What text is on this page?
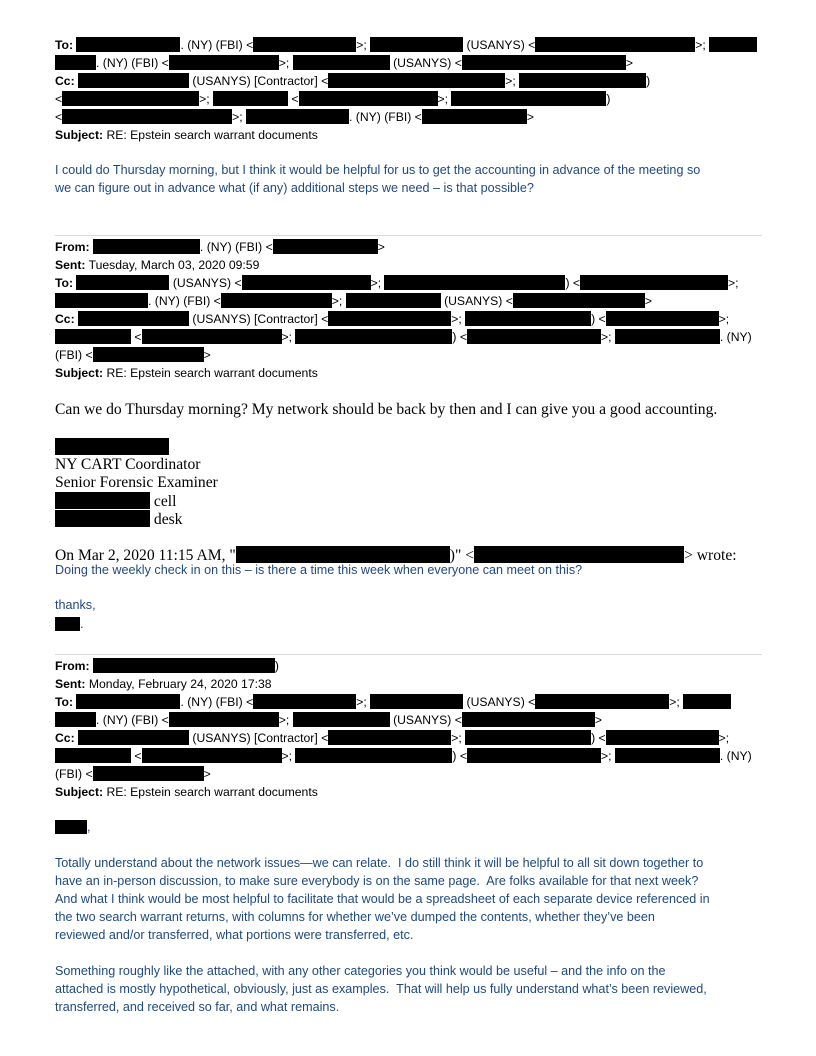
To:	. (NY) (FBI) <	>;	(USANYS) <	>;
. (NY) (FBI) <	>;	(USANYS) <	>
Cc:	(USANYS) [Contractor] <	>;	)
<	>;	<	>;	)
<	>;	. (NY) (FBI) <	>
Subject: RE: Epstein search warrant documents
I could do Thursday morning, but I think it would be helpful for us to get the accounting in advance of the meeting so
we can figure out in advance what (if any) additional steps we need – is that possible?
From:	. (NY) (FBI) <	>
Sent: Tuesday, March 03, 2020 09:59
To:	(USANYS) <	>;	) <	>;
. (NY) (FBI) <	>;	(USANYS) <	>
Cc:	(USANYS) [Contractor] <	>;	) <	>;
<	>;	) <	>;	. (NY)
(FBI) <	>
Subject: RE: Epstein search warrant documents
Can we do Thursday morning? My network should be back by then and I can give you a good accounting.
NY CART Coordinator
Senior Forensic Examiner
cell
desk
On Mar 2, 2020 11:15 AM, "	)" <	> wrote:
Doing the weekly check in on this – is there a time this week when everyone can meet on this?
thanks,
.
From:	)
Sent: Monday, February 24, 2020 17:38
To:	. (NY) (FBI) <	>;	(USANYS) <	>;
. (NY) (FBI) <	>;	(USANYS) <	>
Cc:	(USANYS) [Contractor] <	>;	) <	>;
<	>;	) <	>;	. (NY)
(FBI) <	>
Subject: RE: Epstein search warrant documents
,
Totally understand about the network issues—we can relate.  I do still think it will be helpful to all sit down together to
have an in-person discussion, to make sure everybody is on the same page.  Are folks available for that next week?
And what I think would be most helpful to facilitate that would be a spreadsheet of each separate device referenced in
the two search warrant returns, with columns for whether we’ve dumped the contents, whether they’ve been
reviewed and/or transferred, what portions were transferred, etc.
Something roughly like the attached, with any other categories you think would be useful – and the info on the
attached is mostly hypothetical, obviously, just as examples.  That will help us fully understand what’s been reviewed,
transferred, and received so far, and what remains.
